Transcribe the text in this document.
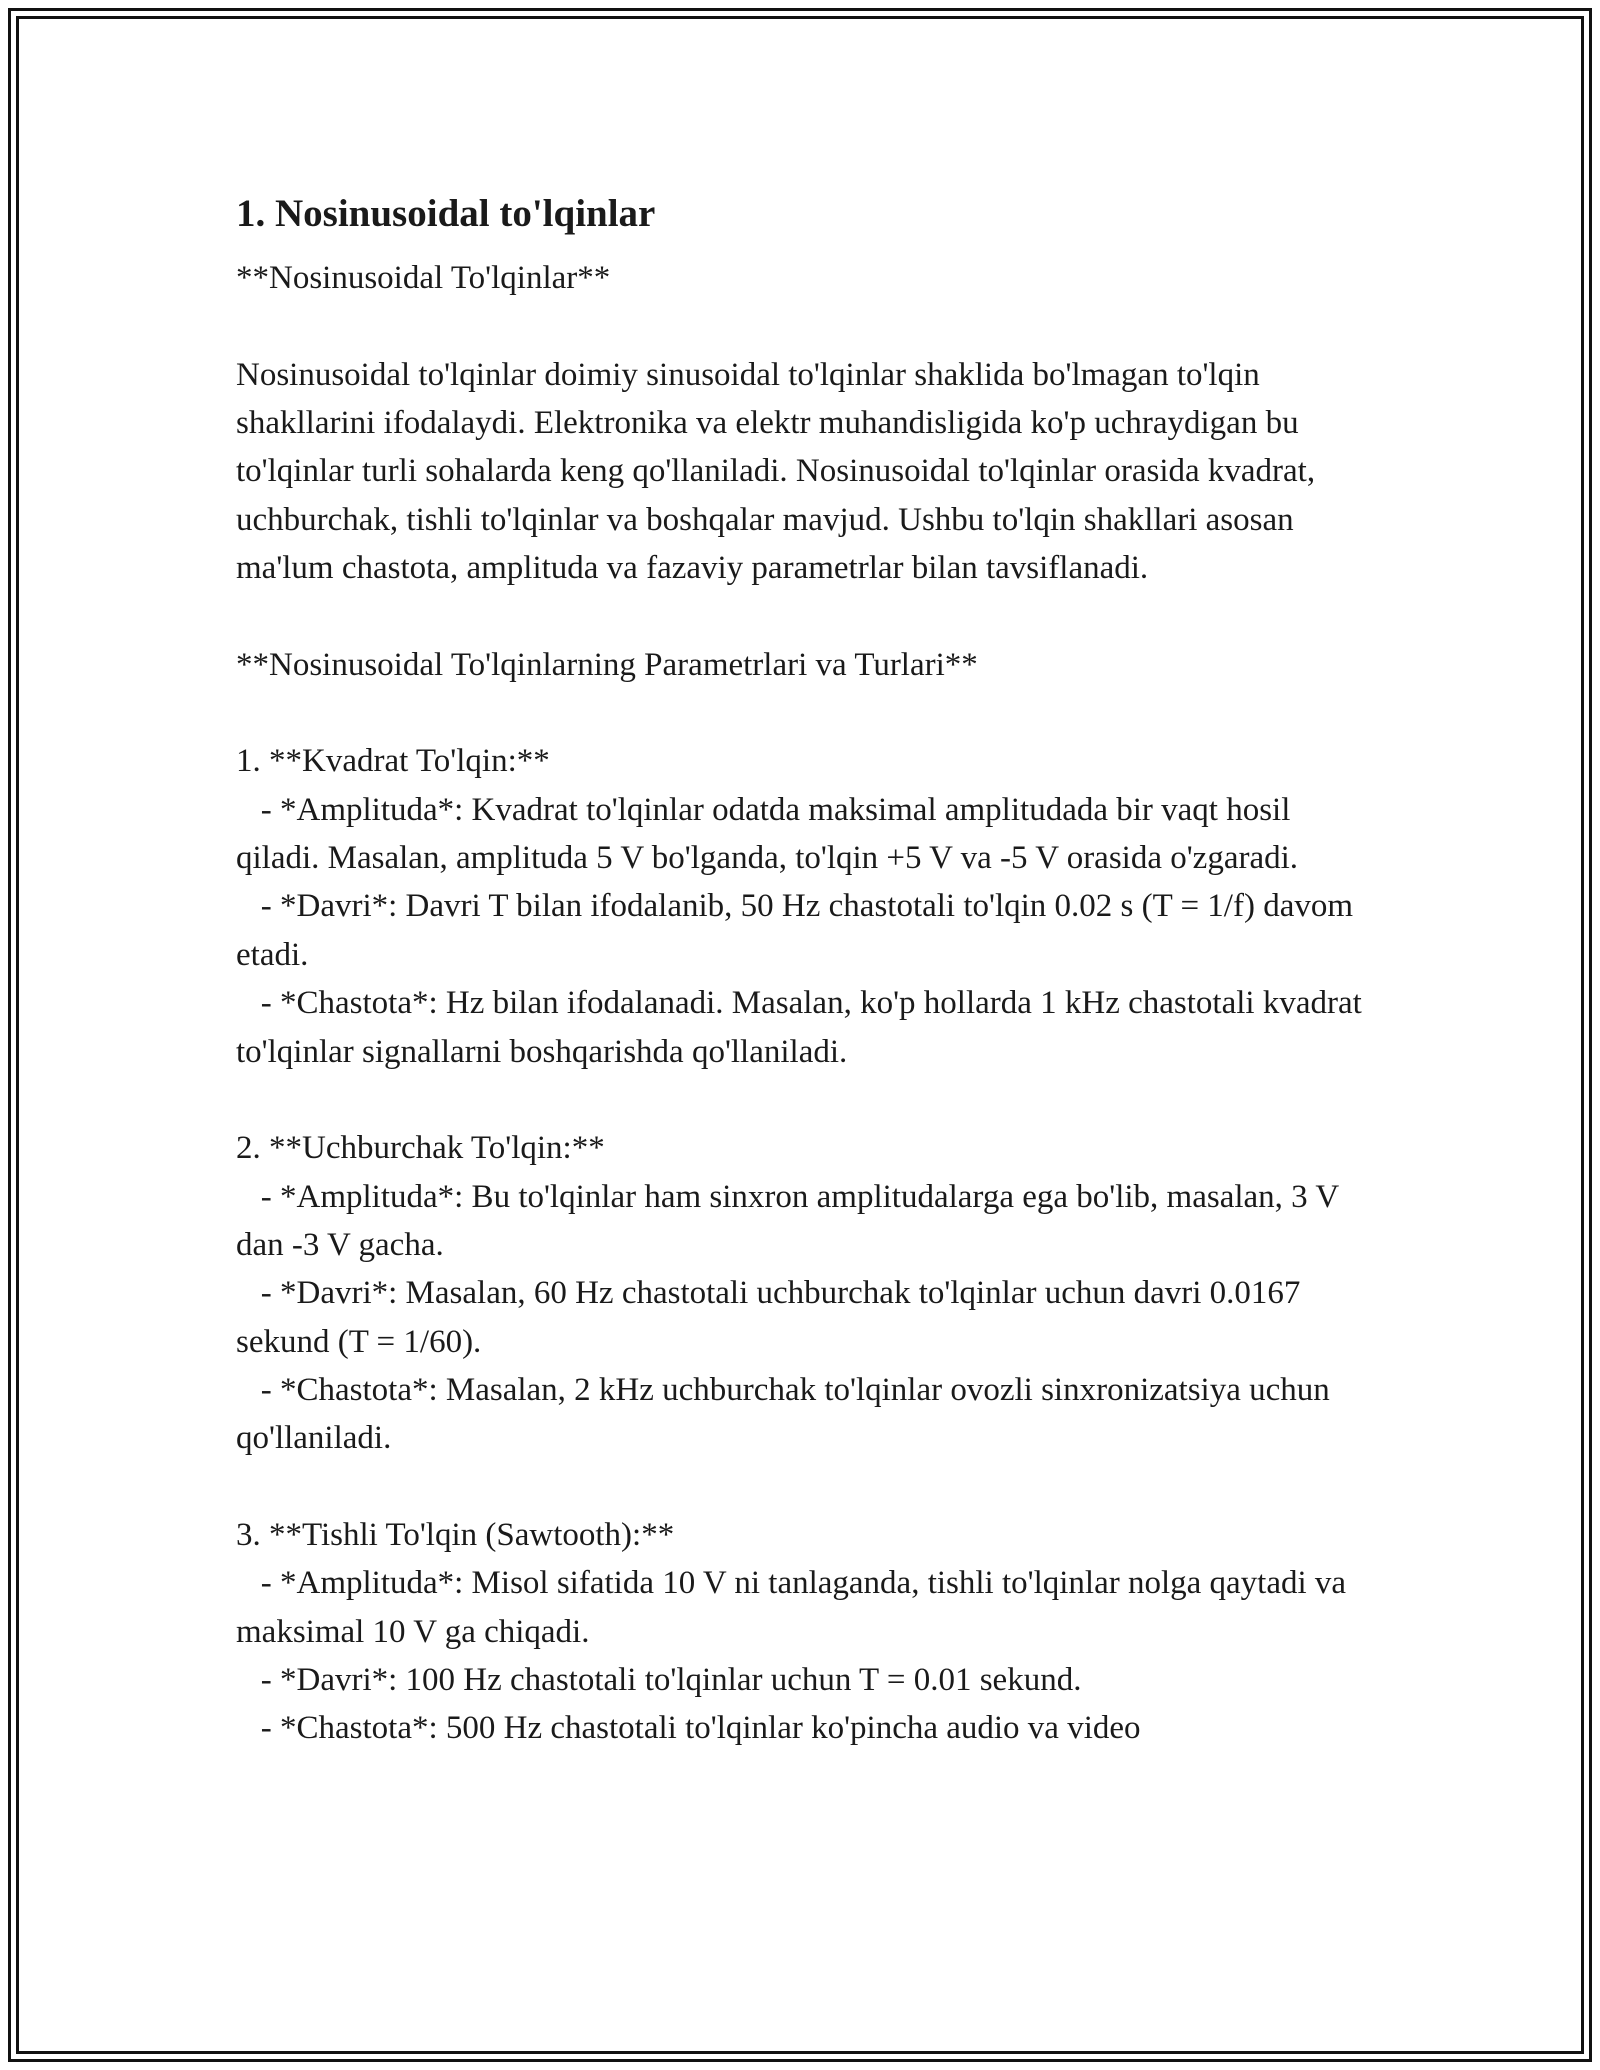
1. Nosinusoidal to'lqinlar
**Nosinusoidal To'lqinlar**

Nosinusoidal to'lqinlar doimiy sinusoidal to'lqinlar shaklida bo'lmagan to'lqin shakllarini ifodalaydi. Elektronika va elektr muhandisligida ko'p uchraydigan bu to'lqinlar turli sohalarda keng qo'llaniladi. Nosinusoidal to'lqinlar orasida kvadrat, uchburchak, tishli to'lqinlar va boshqalar mavjud. Ushbu to'lqin shakllari asosan ma'lum chastota, amplituda va fazaviy parametrlar bilan tavsiflanadi.

**Nosinusoidal To'lqinlarning Parametrlari va Turlari**

1. **Kvadrat To'lqin:**
- *Amplituda*: Kvadrat to'lqinlar odatda maksimal amplitudada bir vaqt hosil qiladi. Masalan, amplituda 5 V bo'lganda, to'lqin +5 V va -5 V orasida o'zgaradi.
- *Davri*: Davri T bilan ifodalanib, 50 Hz chastotali to'lqin 0.02 s (T = 1/f) davom etadi.
- *Chastota*: Hz bilan ifodalanadi. Masalan, ko'p hollarda 1 kHz chastotali kvadrat to'lqinlar signallarni boshqarishda qo'llaniladi.

2. **Uchburchak To'lqin:**
- *Amplituda*: Bu to'lqinlar ham sinxron amplitudalarga ega bo'lib, masalan, 3 V dan -3 V gacha.
- *Davri*: Masalan, 60 Hz chastotali uchburchak to'lqinlar uchun davri 0.0167 sekund (T = 1/60).
- *Chastota*: Masalan, 2 kHz uchburchak to'lqinlar ovozli sinxronizatsiya uchun qo'llaniladi.

3. **Tishli To'lqin (Sawtooth):**
- *Amplituda*: Misol sifatida 10 V ni tanlaganda, tishli to'lqinlar nolga qaytadi va maksimal 10 V ga chiqadi.
- *Davri*: 100 Hz chastotali to'lqinlar uchun T = 0.01 sekund.
- *Chastota*: 500 Hz chastotali to'lqinlar ko'pincha audio va video
